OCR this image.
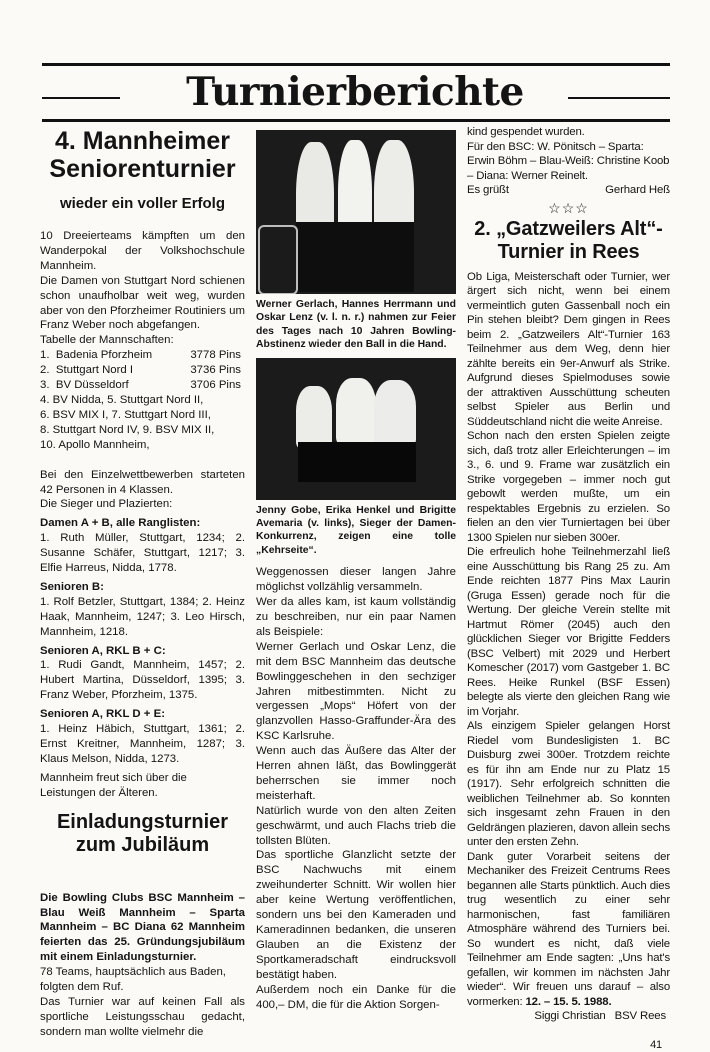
Turnierberichte
4. Mannheimer
Seniorenturnier
wieder ein voller Erfolg

10 Dreeierteams kämpften um den Wanderpokal der Volkshochschule Mannheim.

Die Damen von Stuttgart Nord schienen schon unaufholbar weit weg, wurden aber von den Pforzheimer Routiniers um Franz Weber noch abgefangen.

Tabelle der Mannschaften:

1. Badenia Pforzheim	3778 Pins
2. Stuttgart Nord I	3736 Pins
3. BV Düsseldorf	3706 Pins

4. BV Nidda, 5. Stuttgart Nord II,

6. BSV MIX I, 7. Stuttgart Nord III,

8. Stuttgart Nord IV, 9. BSV MIX II,

10. Apollo Mannheim,

Bei den Einzelwettbewerben starteten 42 Personen in 4 Klassen.

Die Sieger und Plazierten:

Damen A + B, alle Ranglisten:

1. Ruth Müller, Stuttgart, 1234; 2. Susanne Schäfer, Stuttgart, 1217; 3. Elfie Harreus, Nidda, 1778.

Senioren B:

1. Rolf Betzler, Stuttgart, 1384; 2. Heinz Haak, Mannheim, 1247; 3. Leo Hirsch, Mannheim, 1218.

Senioren A, RKL B + C:

1. Rudi Gandt, Mannheim, 1457; 2. Hubert Martina, Düsseldorf, 1395; 3. Franz Weber, Pforzheim, 1375.

Senioren A, RKL D + E:

1. Heinz Häbich, Stuttgart, 1361; 2. Ernst Kreitner, Mannheim, 1287; 3. Klaus Melson, Nidda, 1273.

Mannheim freut sich über die Leistungen der Älteren.

Einladungsturnier
zum Jubiläum

Die Bowling Clubs BSC Mannheim – Blau Weiß Mannheim – Sparta Mannheim – BC Diana 62 Mannheim feierten das 25. Gründungsjubiläum mit einem Einladungsturnier.

78 Teams, hauptsächlich aus Baden, folgten dem Ruf.

Das Turnier war auf keinen Fall als sportliche Leistungsschau gedacht, sondern man wollte vielmehr die

Werner Gerlach, Hannes Herrmann und Oskar Lenz (v. l. n. r.) nahmen zur Feier des Tages nach 10 Jahren Bowling-Abstinenz wieder den Ball in die Hand.
Jenny Gobe, Erika Henkel und Brigitte Avemaria (v. links), Sieger der Damen-Konkurrenz, zeigen eine tolle „Kehrseite“.

Weggenossen dieser langen Jahre möglichst vollzählig versammeln.

Wer da alles kam, ist kaum vollständig zu beschreiben, nur ein paar Namen als Beispiele:

Werner Gerlach und Oskar Lenz, die mit dem BSC Mannheim das deutsche Bowlinggeschehen in den sechziger Jahren mitbestimmten. Nicht zu vergessen „Mops“ Höfert von der glanzvollen Hasso-Graffunder-Ära des KSC Karlsruhe.

Wenn auch das Äußere das Alter der Herren ahnen läßt, das Bowlinggerät beherrschen sie immer noch meisterhaft.

Natürlich wurde von den alten Zeiten geschwärmt, und auch Flachs trieb die tollsten Blüten.

Das sportliche Glanzlicht setzte der BSC Nachwuchs mit einem zweihunderter Schnitt. Wir wollen hier aber keine Wertung veröffentlichen, sondern uns bei den Kameraden und Kameradinnen bedanken, die unseren Glauben an die Existenz der Sportkameradschaft eindrucksvoll bestätigt haben.

Außerdem noch ein Danke für die 400,– DM, die für die Aktion Sorgen-

kind gespendet wurden.

Für den BSC: W. Pönitsch – Sparta: Erwin Böhm – Blau-Weiß: Christine Koob – Diana: Werner Reinelt.

Es grüßt	Gerhard Heß
☆☆☆
2. „Gatzweilers Alt“-
Turnier in Rees

Ob Liga, Meisterschaft oder Turnier, wer ärgert sich nicht, wenn bei einem vermeintlich guten Gassenball noch ein Pin stehen bleibt? Dem gingen in Rees beim 2. „Gatzweilers Alt“-Turnier 163 Teilnehmer aus dem Weg, denn hier zählte bereits ein 9er-Anwurf als Strike. Aufgrund dieses Spielmoduses sowie der attraktiven Ausschüttung scheuten selbst Spieler aus Berlin und Süddeutschland nicht die weite Anreise.

Schon nach den ersten Spielen zeigte sich, daß trotz aller Erleichterungen – im 3., 6. und 9. Frame war zusätzlich ein Strike vorgegeben – immer noch gut gebowlt werden mußte, um ein respektables Ergebnis zu erzielen. So fielen an den vier Turniertagen bei über 1300 Spielen nur sieben 300er.

Die erfreulich hohe Teilnehmerzahl ließ eine Ausschüttung bis Rang 25 zu. Am Ende reichten 1877 Pins Max Laurin (Gruga Essen) gerade noch für die Wertung. Der gleiche Verein stellte mit Hartmut Römer (2045) auch den glücklichen Sieger vor Brigitte Fedders (BSC Velbert) mit 2029 und Herbert Komescher (2017) vom Gastgeber 1. BC Rees. Heike Runkel (BSF Essen) belegte als vierte den gleichen Rang wie im Vorjahr.

Als einzigem Spieler gelangen Horst Riedel vom Bundesligisten 1. BC Duisburg zwei 300er. Trotzdem reichte es für ihn am Ende nur zu Platz 15 (1917). Sehr erfolgreich schnitten die weiblichen Teilnehmer ab. So konnten sich insgesamt zehn Frauen in den Geldrängen plazieren, davon allein sechs unter den ersten Zehn.

Dank guter Vorarbeit seitens der Mechaniker des Freizeit Centrums Rees begannen alle Starts pünktlich. Auch dies trug wesentlich zu einer sehr harmonischen, fast familiären Atmosphäre während des Turniers bei. So wundert es nicht, daß viele Teilnehmer am Ende sagten: „Uns hat's gefallen, wir kommen im nächsten Jahr wieder“. Wir freuen uns darauf – also vormerken: 12. – 15. 5. 1988.

Siggi Christian BSV Rees
41
